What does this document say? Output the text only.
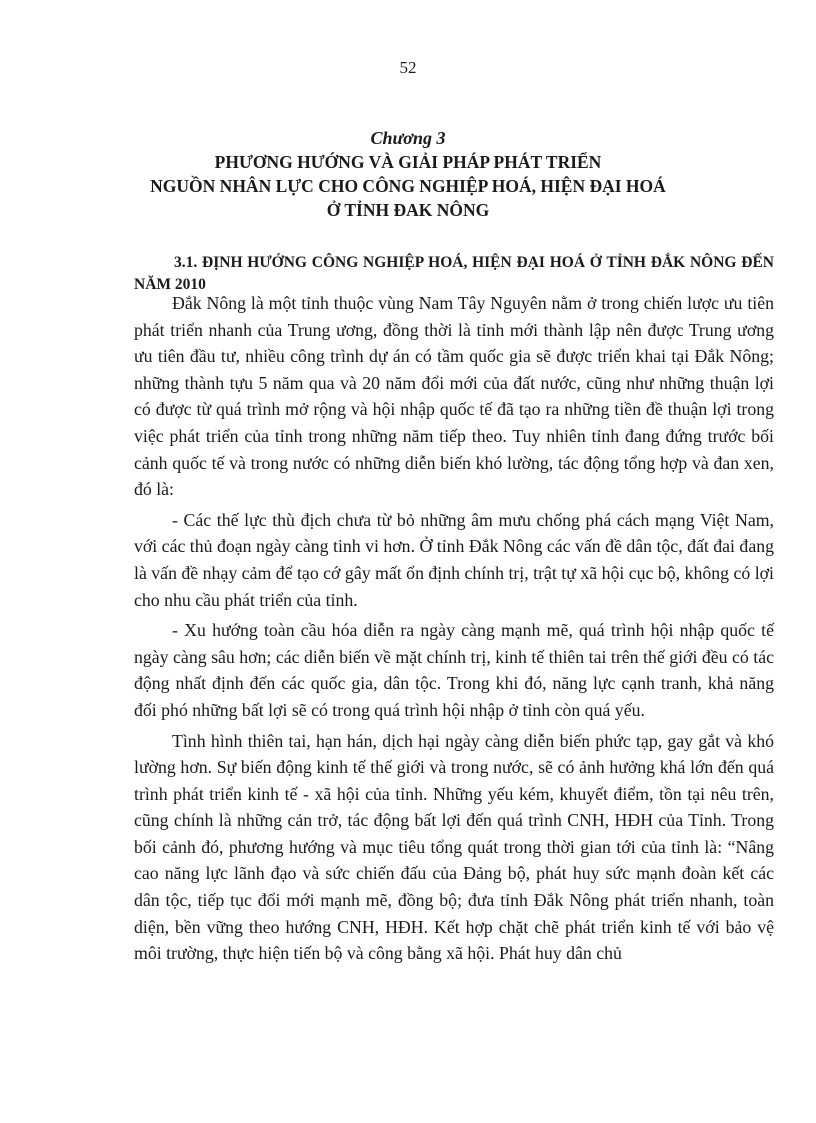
52
Chương 3
PHƯƠNG HƯỚNG VÀ GIẢI PHÁP PHÁT TRIỂN
NGUỒN NHÂN LỰC CHO CÔNG NGHIỆP HOÁ, HIỆN ĐẠI HOÁ
Ở TỈNH ĐAK NÔNG
3.1. ĐỊNH HƯỚNG CÔNG NGHIỆP HOÁ, HIỆN ĐẠI HOÁ Ở TỈNH ĐẮK NÔNG ĐẾN NĂM 2010

Đắk Nông là một tỉnh thuộc vùng Nam Tây Nguyên nằm ở trong chiến lược ưu tiên phát triển nhanh của Trung ương, đồng thời là tỉnh mới thành lập nên được Trung ương ưu tiên đầu tư, nhiều công trình dự án có tầm quốc gia sẽ được triển khai tại Đắk Nông; những thành tựu 5 năm qua và 20 năm đổi mới của đất nước, cũng như những thuận lợi có được từ quá trình mở rộng và hội nhập quốc tế đã tạo ra những tiền đề thuận lợi trong việc phát triển của tỉnh trong những năm tiếp theo. Tuy nhiên tỉnh đang đứng trước bối cảnh quốc tế và trong nước có những diễn biến khó lường, tác động tổng hợp và đan xen, đó là:

- Các thế lực thù địch chưa từ bỏ những âm mưu chống phá cách mạng Việt Nam, với các thủ đoạn ngày càng tinh vi hơn. Ở tỉnh Đắk Nông các vấn đề dân tộc, đất đai đang là vấn đề nhạy cảm để tạo cớ gây mất ổn định chính trị, trật tự xã hội cục bộ, không có lợi cho nhu cầu phát triển của tỉnh.

- Xu hướng toàn cầu hóa diễn ra ngày càng mạnh mẽ, quá trình hội nhập quốc tế ngày càng sâu hơn; các diễn biến về mặt chính trị, kinh tế thiên tai trên thế giới đều có tác động nhất định đến các quốc gia, dân tộc. Trong khi đó, năng lực cạnh tranh, khả năng đối phó những bất lợi sẽ có trong quá trình hội nhập ở tỉnh còn quá yếu.

Tình hình thiên tai, hạn hán, dịch hại ngày càng diễn biến phức tạp, gay gắt và khó lường hơn. Sự biến động kinh tế thế giới và trong nước, sẽ có ảnh hưởng khá lớn đến quá trình phát triển kinh tế - xã hội của tỉnh. Những yếu kém, khuyết điểm, tồn tại nêu trên, cũng chính là những cản trở, tác động bất lợi đến quá trình CNH, HĐH của Tỉnh. Trong bối cảnh đó, phương hướng và mục tiêu tổng quát trong thời gian tới của tỉnh là: “Nâng cao năng lực lãnh đạo và sức chiến đấu của Đảng bộ, phát huy sức mạnh đoàn kết các dân tộc, tiếp tục đổi mới mạnh mẽ, đồng bộ; đưa tỉnh Đắk Nông phát triển nhanh, toàn diện, bền vững theo hướng CNH, HĐH. Kết hợp chặt chẽ phát triển kinh tế với bảo vệ môi trường, thực hiện tiến bộ và công bằng xã hội. Phát huy dân chủ
